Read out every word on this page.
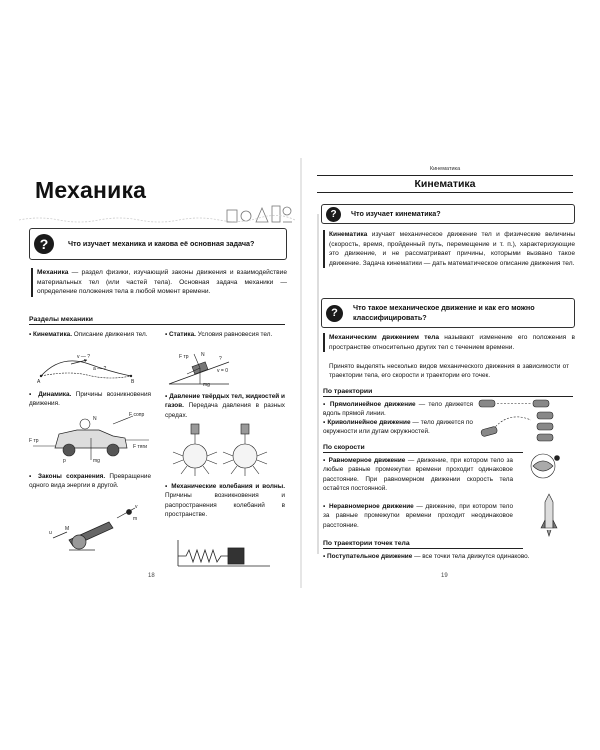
Механика
?	Что изучает механика и какова её основная задача?
Механика — раздел физики, изучающий законы движения и взаимодействие материальных тел (или частей тела). Основная задача механики — определение положения тела в любой момент времени.
Разделы механики
▪ Кинематика. Описание движения тел.
v — ?
a — ?
A	B
▪ Статика. Условия равновесия тел.
F тр N
?
v = 0
mg
▪ Динамика. Причины возникновения движения.
F сопр
F тр
F тяги
N
mg
p
▪ Давление твёрдых тел, жидкостей и газов. Передача давления в разных средах.
▪ Законы сохранения. Превращение одного вида энергии в другой.
v
m
u
M
▪ Механические колебания и волны. Причины возникновения и распространения колебаний в пространстве.
18
Кинематика
Кинематика
?	Что изучает кинематика?
Кинематика изучает механическое движение тел и физические величины (скорость, время, пройденный путь, перемещение и т. п.), характеризующие это движение, и не рассматривает причины, которыми вызвано такое движение. Задача кинематики — дать математическое описание движения тел.
?	Что такое механическое движение и как его можно классифицировать?
Механическим движением тела называют изменение его положения в пространстве относительно других тел с течением времени.
Принято выделять несколько видов механического движения в зависимости от траектории тела, его скорости и траектории его точек.
По траектории
▪ Прямолинейное движение — тело движется вдоль прямой линии.
▪ Криволинейное движение — тело движется по окружности или дугам окружностей.
По скорости
▪ Равномерное движение — движение, при котором тело за любые равные промежутки времени проходит одинаковое расстояние. При равномерном движении скорость тела остаётся постоянной.
▪ Неравномерное движение — движение, при котором тело за равные промежутки времени проходит неодинаковое расстояние.
По траектории точек тела
▪ Поступательное движение — все точки тела движутся одинаково.
19
